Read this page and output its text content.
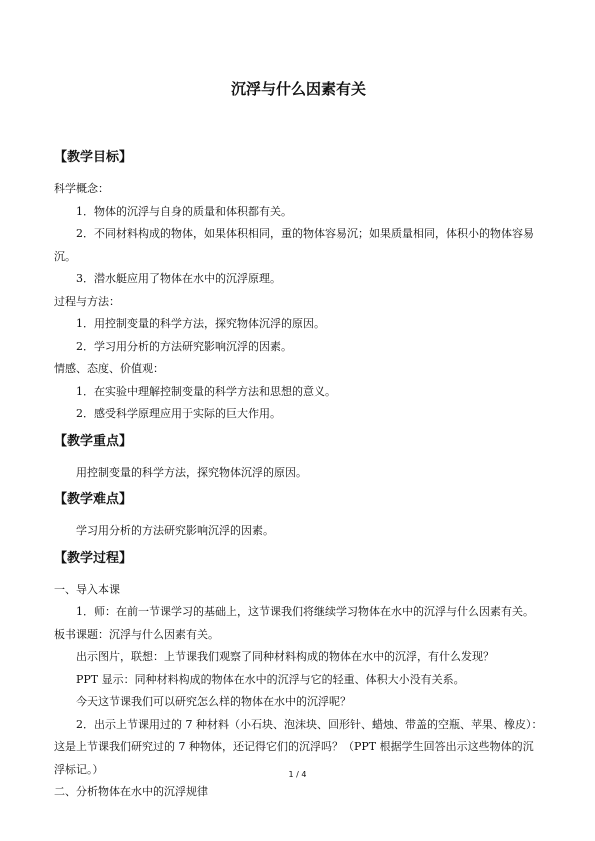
沉浮与什么因素有关
【教学目标】

科学概念：

1．物体的沉浮与自身的质量和体积都有关。

2．不同材料构成的物体，如果体积相同，重的物体容易沉；如果质量相同，体积小的物体容易沉。

3．潜水艇应用了物体在水中的沉浮原理。

过程与方法：

1．用控制变量的科学方法，探究物体沉浮的原因。

2．学习用分析的方法研究影响沉浮的因素。

情感、态度、价值观：

1．在实验中理解控制变量的科学方法和思想的意义。

2．感受科学原理应用于实际的巨大作用。

【教学重点】

用控制变量的科学方法，探究物体沉浮的原因。

【教学难点】

学习用分析的方法研究影响沉浮的因素。

【教学过程】

一、导入本课

1．师：在前一节课学习的基础上，这节课我们将继续学习物体在水中的沉浮与什么因素有关。板书课题：沉浮与什么因素有关。

出示图片，联想：上节课我们观察了同种材料构成的物体在水中的沉浮，有什么发现？

PPT 显示：同种材料构成的物体在水中的沉浮与它的轻重、体积大小没有关系。

今天这节课我们可以研究怎么样的物体在水中的沉浮呢？

2．出示上节课用过的 7 种材料（小石块、泡沫块、回形针、蜡烛、带盖的空瓶、苹果、橡皮）：这是上节课我们研究过的 7 种物体，还记得它们的沉浮吗？（PPT 根据学生回答出示这些物体的沉浮标记。）

二、分析物体在水中的沉浮规律

1 / 4
